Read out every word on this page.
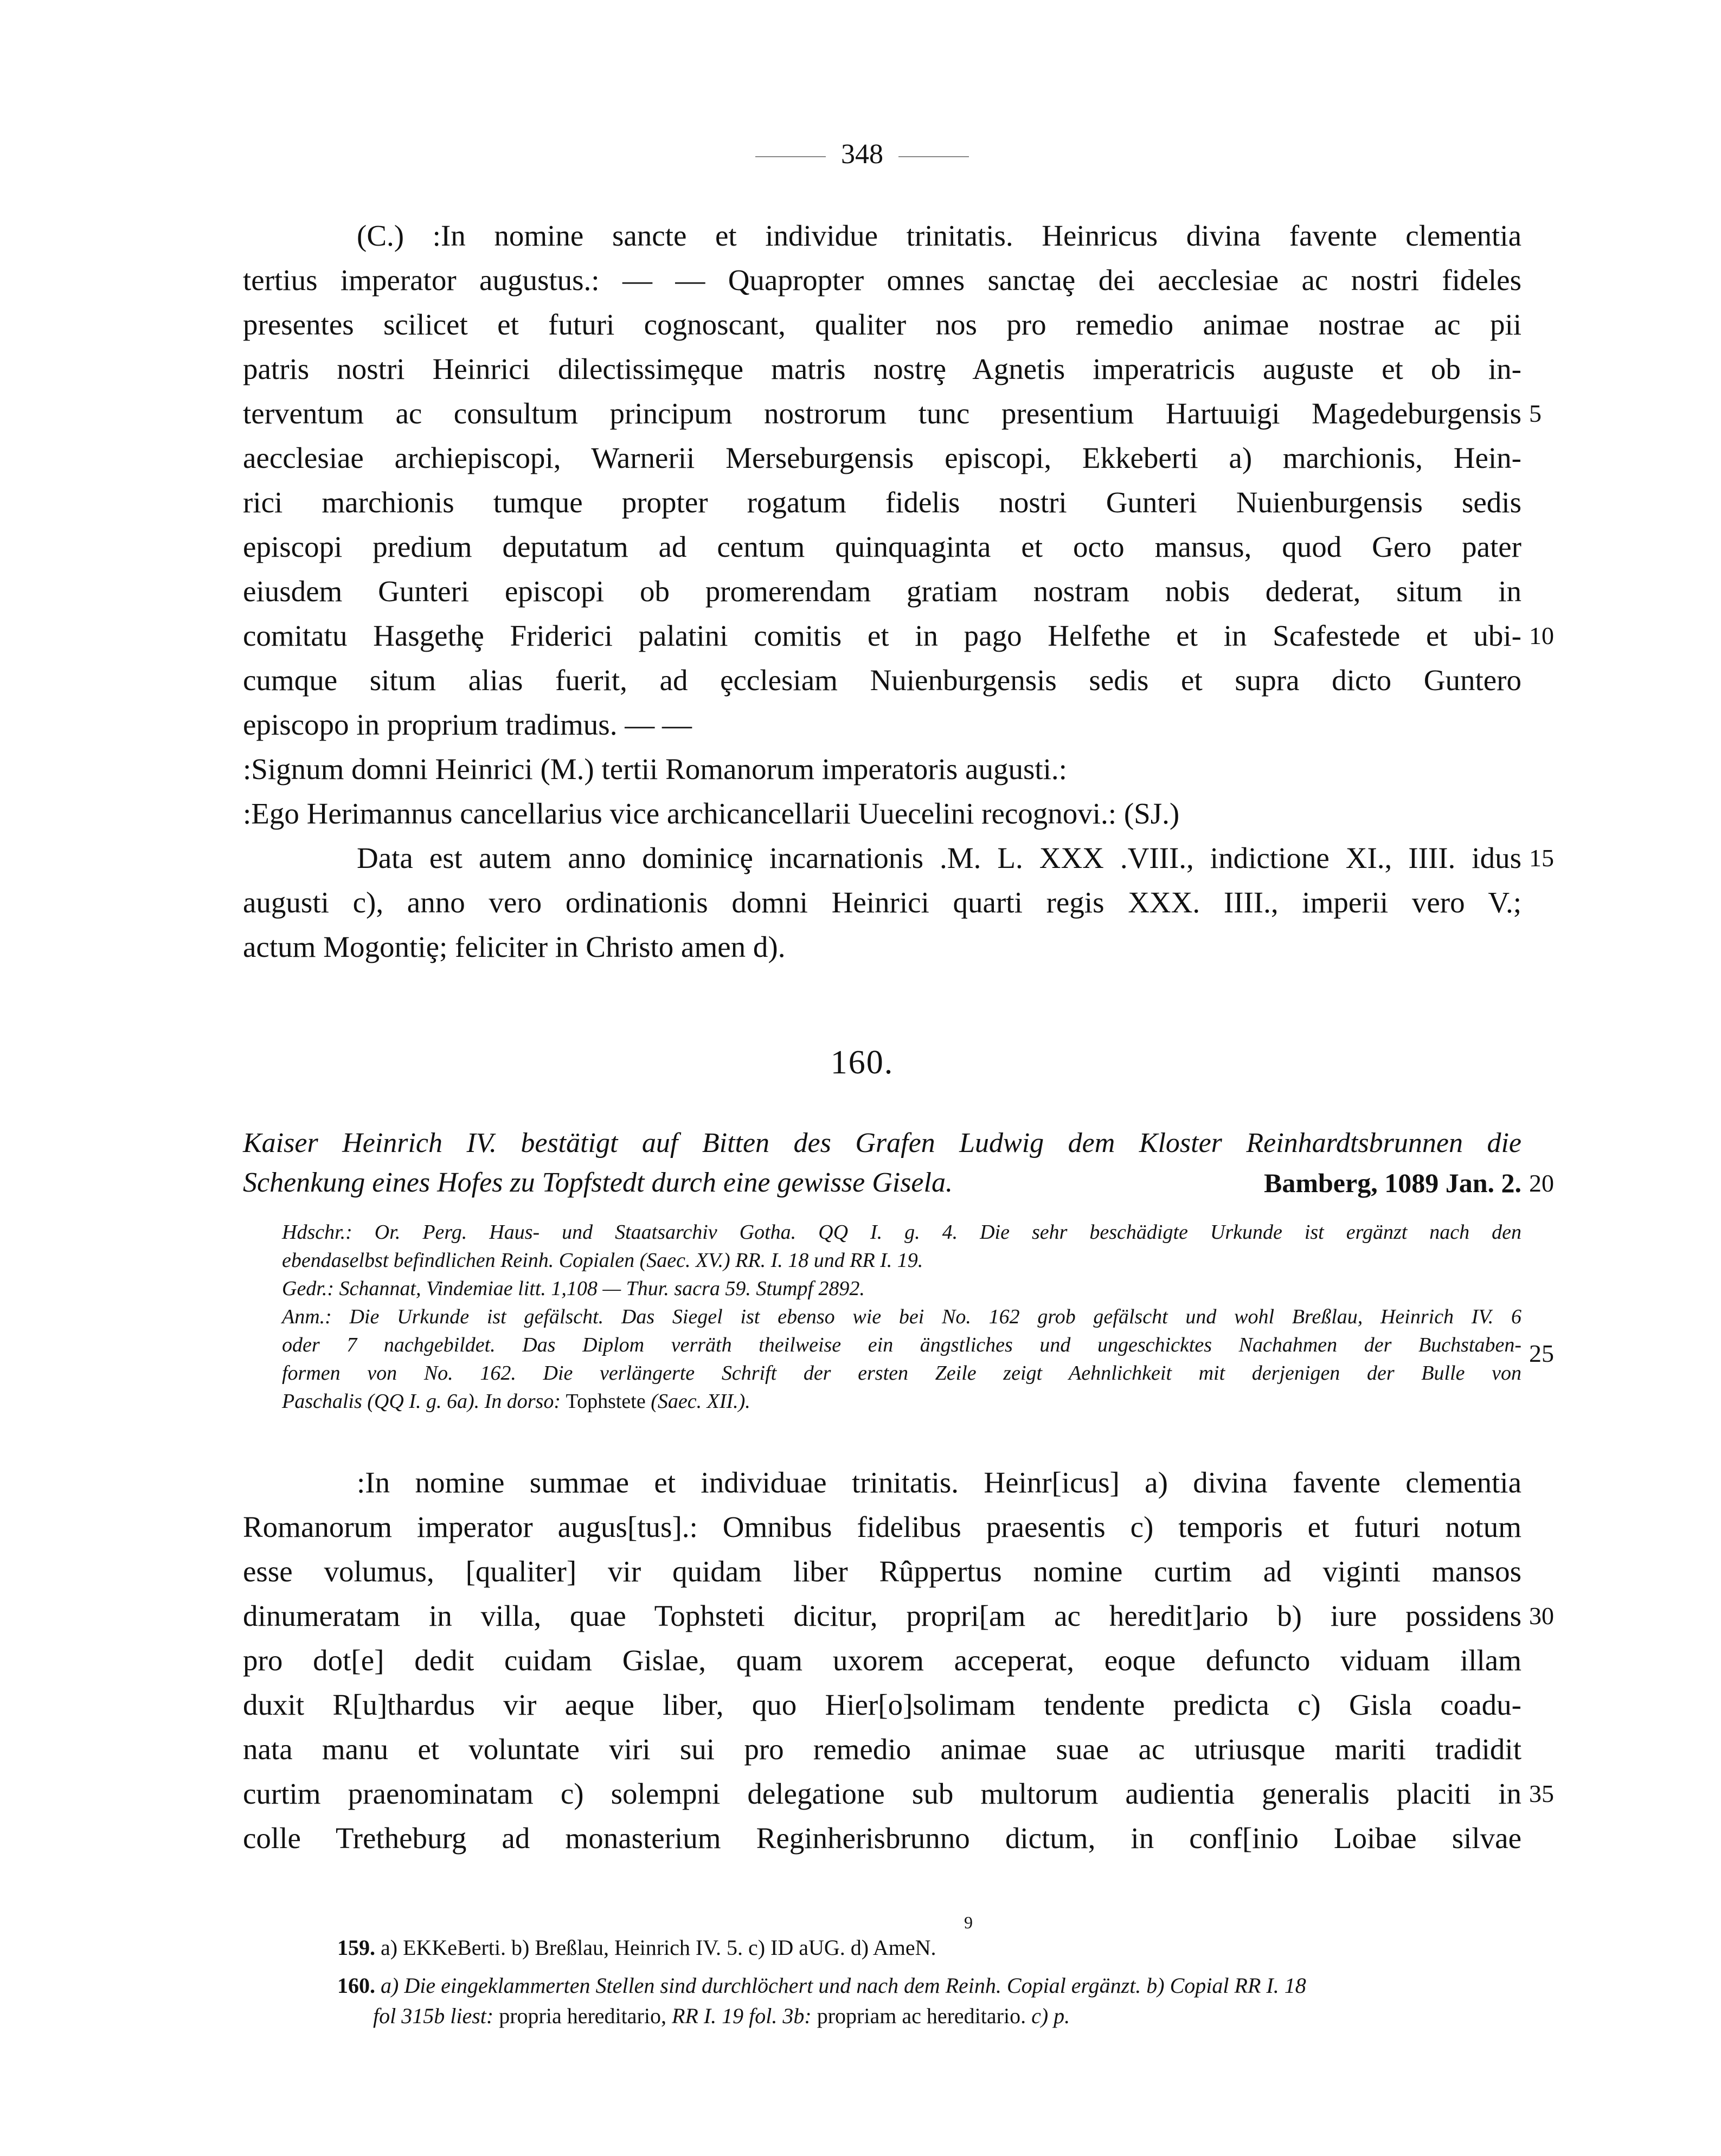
348
(C.) :In nomine sancte et individue trinitatis. Heinricus divina favente clementia
tertius imperator augustus.: — — Quapropter omnes sanctaȩ dei aecclesiae ac nostri fideles
presentes scilicet et futuri cognoscant, qualiter nos pro remedio animae nostrae ac pii
patris nostri Heinrici dilectissimȩque matris nostrȩ Agnetis imperatricis auguste et ob in-
terventum ac consultum principum nostrorum tunc presentium Hartuuigi Magedeburgensis
aecclesiae archiepiscopi, Warnerii Merseburgensis episcopi, Ekkeberti a) marchionis, Hein-
rici marchionis tumque propter rogatum fidelis nostri Gunteri Nuienburgensis sedis
episcopi predium deputatum ad centum quinquaginta et octo mansus, quod Gero pater
eiusdem Gunteri episcopi ob promerendam gratiam nostram nobis dederat, situm in
comitatu Hasgethȩ Friderici palatini comitis et in pago Helfethe et in Scafestede et ubi-
cumque situm alias fuerit, ad ȩcclesiam Nuienburgensis sedis et supra dicto Guntero
episcopo in proprium tradimus. — —
:Signum domni Heinrici (M.) tertii Romanorum imperatoris augusti.:
:Ego Herimannus cancellarius vice archicancellarii Uuecelini recognovi.: (SJ.)
Data est autem anno dominicȩ incarnationis .M. L. XXX .VIII., indictione XI., IIII. idus
augusti c), anno vero ordinationis domni Heinrici quarti regis XXX. IIII., imperii vero V.;
actum Mogontiȩ; feliciter in Christo amen d).
5
10
15
160.
Kaiser Heinrich IV. bestätigt auf Bitten des Grafen Ludwig dem Kloster Reinhardtsbrunnen die
Schenkung eines Hofes zu Topfstedt durch eine gewisse Gisela.	Bamberg, 1089 Jan. 2. 20
Hdschr.: Or. Perg. Haus- und Staatsarchiv Gotha. QQ I. g. 4. Die sehr beschädigte Urkunde ist ergänzt nach den
ebendaselbst befindlichen Reinh. Copialen (Saec. XV.) RR. I. 18 und RR I. 19.
Gedr.: Schannat, Vindemiae litt. 1,108 — Thur. sacra 59. Stumpf 2892.
Anm.: Die Urkunde ist gefälscht. Das Siegel ist ebenso wie bei No. 162 grob gefälscht und wohl Breßlau, Heinrich IV. 6
oder 7 nachgebildet. Das Diplom verräth theilweise ein ängstliches und ungeschicktes Nachahmen der Buchstaben-
formen von No. 162. Die verlängerte Schrift der ersten Zeile zeigt Aehnlichkeit mit derjenigen der Bulle von
Paschalis (QQ I. g. 6a). In dorso: Tophstete (Saec. XII.).
25
:In nomine summae et individuae trinitatis. Heinr[icus] a) divina favente clementia
Romanorum imperator augus[tus].: Omnibus fidelibus praesentis c) temporis et futuri notum
esse volumus, [qualiter] vir quidam liber Rûppertus nomine curtim ad viginti mansos
dinumeratam in villa, quae Tophsteti dicitur, propri[am ac heredit]ario b) iure possidens
pro dot[e] dedit cuidam Gislae, quam uxorem acceperat, eoque defuncto viduam illam
duxit R[u]thardus vir aeque liber, quo Hier[o]solimam tendente predicta c) Gisla coadu-
nata manu et voluntate viri sui pro remedio animae suae ac utriusque mariti tradidit
curtim praenominatam c) solempni delegatione sub multorum audientia generalis placiti in
colle Tretheburg ad monasterium Reginherisbrunno dictum, in conf[inio Loibae silvae
30
35
9
159. a) EKKeBerti. b) Breßlau, Heinrich IV. 5. c) ID aUG. d) AmeN.
160. a) Die eingeklammerten Stellen sind durchlöchert und nach dem Reinh. Copial ergänzt. b) Copial RR I. 18
fol 315b liest: propria hereditario, RR I. 19 fol. 3b: propriam ac hereditario. c) p.
